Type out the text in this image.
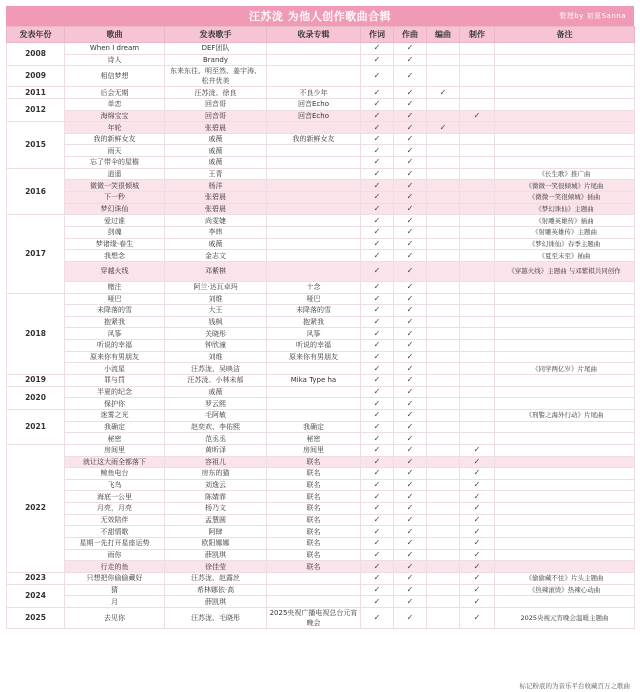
汪苏泷 为他人创作歌曲合辑	整理by 初夏Sanna
发表年份	歌曲	发表歌手	收录专辑	作词	作曲	编曲	制作	备注
2008	When I dream	DEF团队		✓	✓			
	诗人	Brandy		✓	✓			
2009	相信梦想	东来东往、明至然、姜宇涛、松井优美		✓	✓			
2011	后会无期	汪苏泷、徐良	不良少年	✓	✓	✓		
2012	单恋	回音哥	回音Echo	✓	✓			
	海绵宝宝	回音哥	回音Echo	✓	✓		✓	
2015	年轮	张碧晨		✓	✓	✓		
	我的新鲜女友	戚薇	我的新鲜女友	✓	✓			
	雨天	戚薇		✓	✓			
	忘了带伞的屋檐	戚薇		✓	✓			
2016	逍遥	王青		✓	✓			《长生歌》推广曲
	微微一笑很倾城	杨洋		✓	✓			《微微一笑很倾城》片尾曲
	下一秒	张碧晨		✓	✓			《微微一笑很倾城》插曲
	梦幻诛仙	张碧晨		✓	✓			《梦幻诛仙》主题曲
2017	爱过谁	尚雯婕		✓	✓			《射雕英雄传》插曲
	剑魂	李炜		✓	✓			《射雕英雄传》主题曲
	梦诸缘·春生	戚薇		✓	✓			《梦幻诛仙》春季主题曲
	我想念	金志文		✓	✓			《夏至未至》插曲
	穿越火线	邓紫棋		✓	✓			《穿越火线》主题曲 与邓紫棋共同创作
	赌注	阿兰·达瓦卓玛	十念	✓	✓			
2018	哑巴	刘维	哑巴	✓	✓			
	未降落的雪	大王	未降落的雪	✓	✓			
	抱紧我	钱枫	抱紧我	✓	✓			
	风筝	关晓彤	风筝	✓	✓			
	听说的幸福	钟欣潼	听说的幸福	✓	✓			
	原来你有男朋友	刘维	原来你有男朋友	✓	✓			
	小流星	汪苏泷、吴映洁		✓	✓			《同学两亿岁》片尾曲
2019	罪与罚	汪苏泷、小林未郁	Mika Type ha	✓	✓			
2020	半夏的纪念	戚薇		✓	✓			
	保护你	罗云熙		✓	✓			
2021	迷雾之光	毛阿敏		✓	✓			《刑警之海外行动》片尾曲
	我确定	赵奕欢、李佑熙	我确定	✓	✓			
	秘密	范丞丞	秘密	✓	✓			
2022	房间里	黄昕泽	房间里	✓	✓		✓	
	就让这大雨全都落下	容祖儿	联名	✓	✓		✓	
	鲸鱼电台	房东的猫	联名	✓	✓		✓	
	飞鸟	刘逸云	联名	✓	✓		✓	
	海底一公里	陈婧霏	联名	✓	✓		✓	
	月亮，月亮	杨乃文	联名	✓	✓		✓	
	无效陪伴	孟慧圆	联名	✓	✓		✓	
	不甜情歌	阿肆	联名	✓	✓		✓	
	星期一先打开星座运势	欧阳娜娜	联名	✓	✓		✓	
	雨你	薛凯琪	联名	✓	✓		✓	
	行走的鱼	徐佳莹	联名	✓	✓		✓	
2023	只想把你偷偷藏好	汪苏泷、赵露丝		✓	✓		✓	《偷偷藏不住》片头主题曲
2024	猜	希林娜依·高		✓	✓		✓	《热辣滚烫》热辣心动曲
	月	薛凯琪		✓	✓		✓	
2025	去见你	汪苏泷、毛晓彤	2025央视广播电视总台元宵晚会	✓	✓		✓	2025央视元宵晚会温暖主题曲
标记粉底的为音乐平台收藏百万之歌曲
